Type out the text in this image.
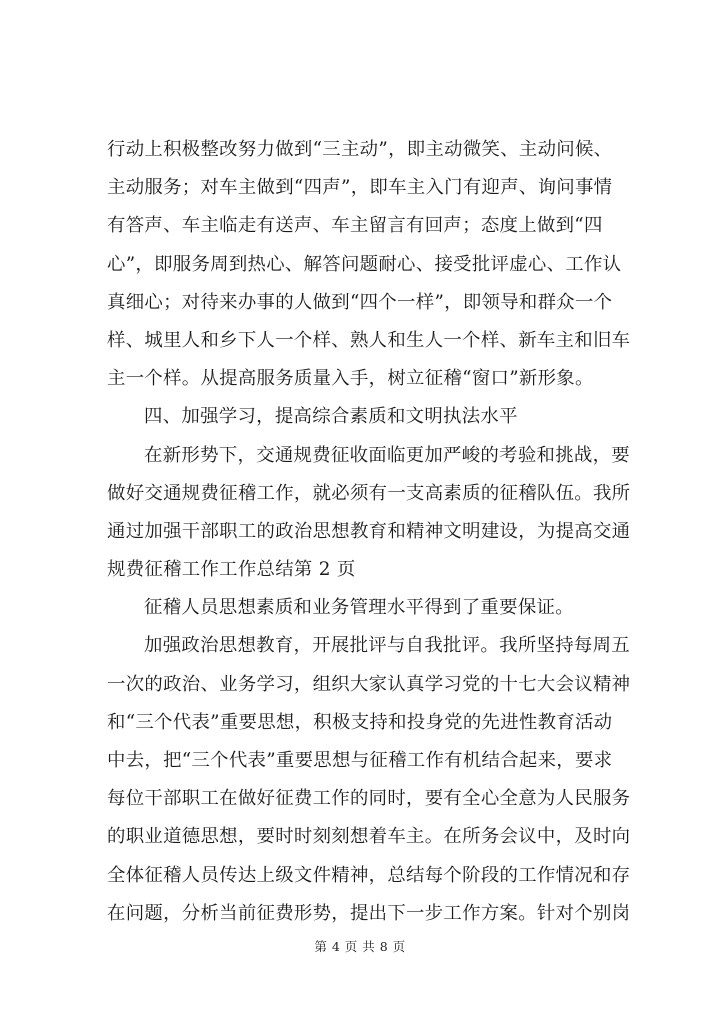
行动上积极整改努力做到“三主动”，即主动微笑、主动问候、
主动服务；对车主做到“四声”，即车主入门有迎声、询问事情
有答声、车主临走有送声、车主留言有回声；态度上做到“四
心”，即服务周到热心、解答问题耐心、接受批评虚心、工作认
真细心；对待来办事的人做到“四个一样”，即领导和群众一个
样、城里人和乡下人一个样、熟人和生人一个样、新车主和旧车
主一个样。从提高服务质量入手，树立征稽“窗口”新形象。
四、加强学习，提高综合素质和文明执法水平
在新形势下，交通规费征收面临更加严峻的考验和挑战，要
做好交通规费征稽工作，就必须有一支高素质的征稽队伍。我所
通过加强干部职工的政治思想教育和精神文明建设，为提高交通
规费征稽工作工作总结第 2 页
征稽人员思想素质和业务管理水平得到了重要保证。
加强政治思想教育，开展批评与自我批评。我所坚持每周五
一次的政治、业务学习，组织大家认真学习党的十七大会议精神
和“三个代表”重要思想，积极支持和投身党的先进性教育活动
中去，把“三个代表”重要思想与征稽工作有机结合起来，要求
每位干部职工在做好征费工作的同时，要有全心全意为人民服务
的职业道德思想，要时时刻刻想着车主。在所务会议中，及时向
全体征稽人员传达上级文件精神，总结每个阶段的工作情况和存
在问题，分析当前征费形势，提出下一步工作方案。针对个别岗
第 4 页 共 8 页
